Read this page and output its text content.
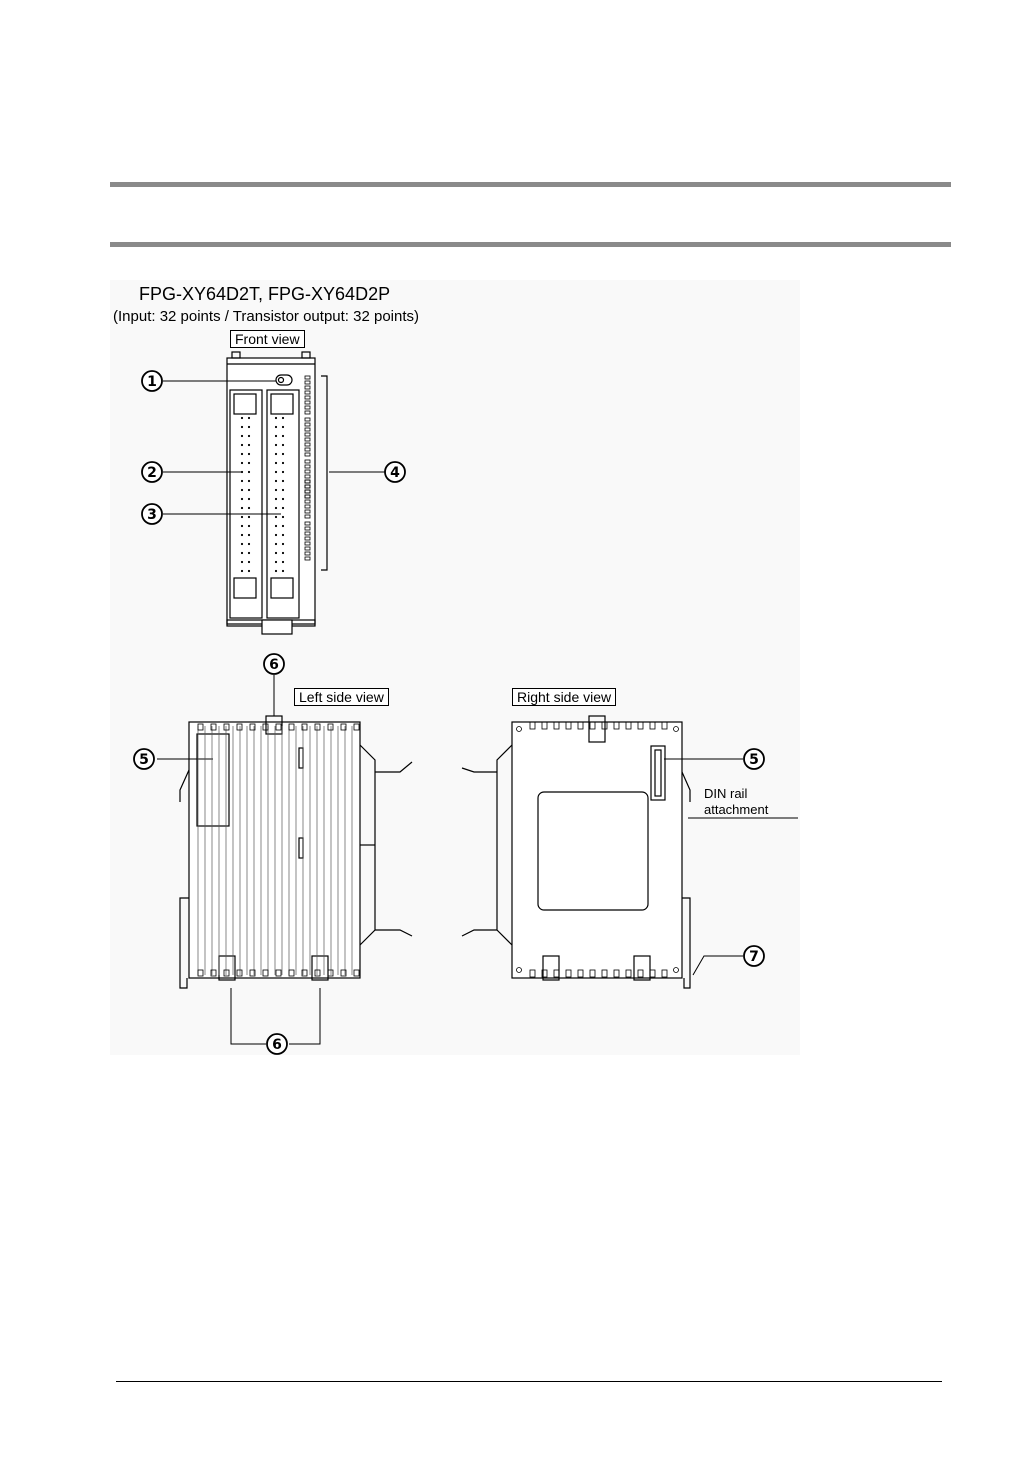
FPG-XY64D2T, FPG-XY64D2P
(Input: 32 points / Transistor output: 32 points)
Front view
Left side view	Right side view
DIN rail
attachment
1
2
3
4
5
6
5
7
6
